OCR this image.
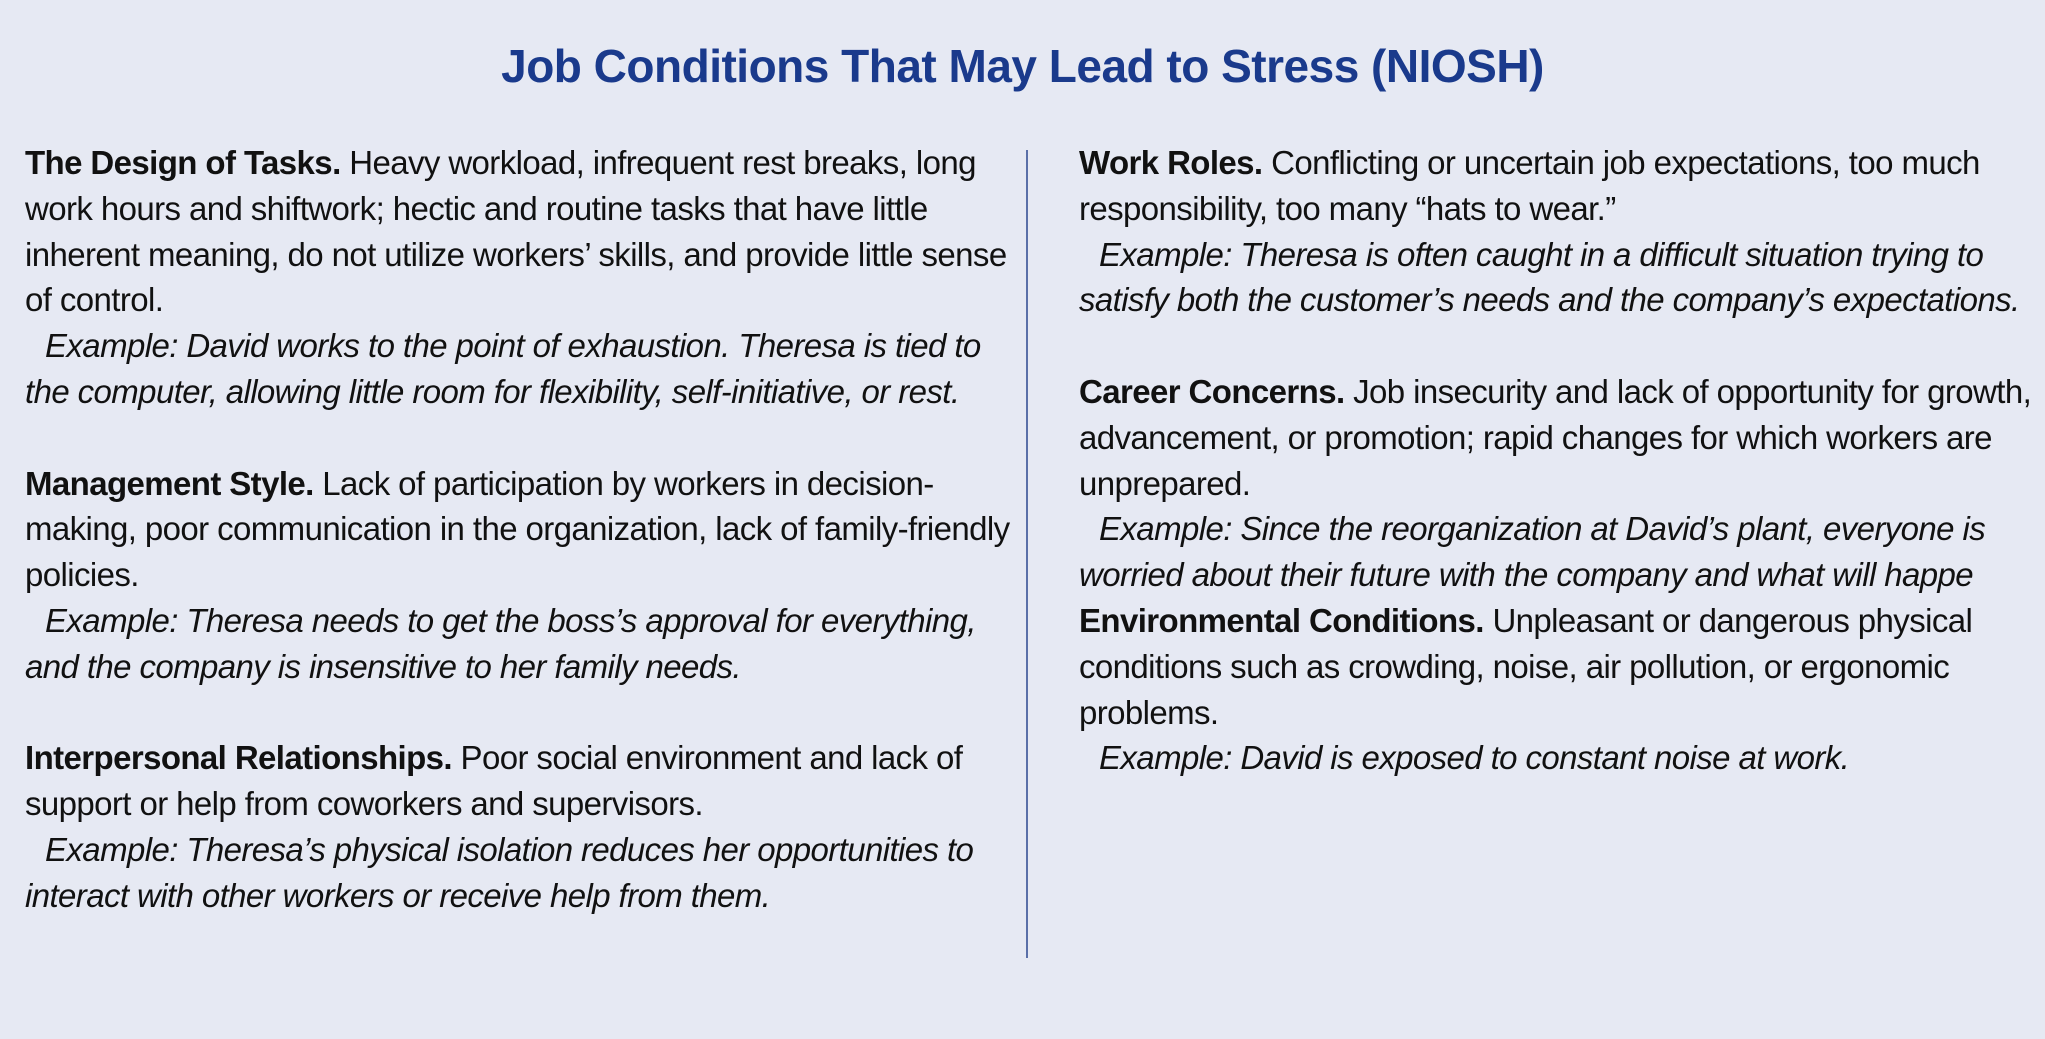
Job Conditions That May Lead to Stress (NIOSH)

The Design of Tasks. Heavy workload, infrequent rest breaks, long work hours and shiftwork; hectic and routine tasks that have little inherent meaning, do not utilize workers’ skills, and provide little sense of control.
Example: David works to the point of exhaustion. Theresa is tied to the computer, allowing little room for flexibility, self-initiative, or rest.

Management Style. Lack of participation by workers in decision-making, poor communication in the organization, lack of family-friendly policies.
Example: Theresa needs to get the boss’s approval for everything, and the company is insensitive to her family needs.

Interpersonal Relationships. Poor social environment and lack of support or help from coworkers and supervisors.
Example: Theresa’s physical isolation reduces her opportunities to interact with other workers or receive help from them.

Work Roles. Conflicting or uncertain job expectations, too much responsibility, too many “hats to wear.”
Example: Theresa is often caught in a difficult situation trying to satisfy both the customer’s needs and the company’s expectations.

Career Concerns. Job insecurity and lack of opportunity for growth, advancement, or promotion; rapid changes for which workers are unprepared.
Example: Since the reorganization at David’s plant, everyone is worried about their future with the company and what will happe

Environmental Conditions. Unpleasant or dangerous physical conditions such as crowding, noise, air pollution, or ergonomic problems.
Example: David is exposed to constant noise at work.
